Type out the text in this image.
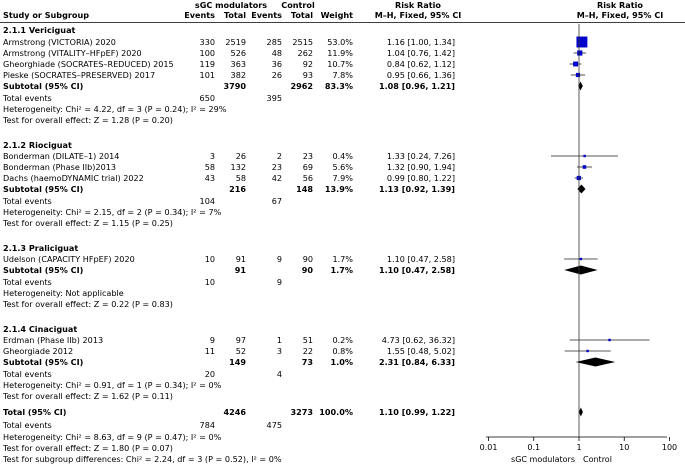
Study or Subgroup
sGC modulators Control
Events Total Events Total Weight
Risk Ratio
M–H, Fixed, 95% CI
Risk Ratio
M–H, Fixed, 95% CI
2.1.1 Vericiguat
Armstrong (VICTORIA) 2020	330 2519	285 2515 53.0%	1.16 [1.00, 1.34]
Armstrong (VITALITY–HFpEF) 2020	100 526	48 262 11.9%	1.04 [0.76, 1.42]
Gheorghiade (SOCRATES–REDUCED) 2015	119 363	36	92 10.7%	0.84 [0.62, 1.12]
Pieske (SOCRATES–PRESERVED) 2017	101 382	26	93 7.8%	0.95 [0.66, 1.36]
Subtotal (95% CI)	3790	2962 83.3%	1.08 [0.96, 1.21]
Total events	650	395
Heterogeneity: Chi² = 4.22, df = 3 (P = 0.24); I² = 29%
Test for overall effect: Z = 1.28 (P = 0.20)
2.1.2 Riociguat
Bonderman (DILATE–1) 2014	3	26	2	23 0.4%	1.33 [0.24, 7.26]
Bonderman (Phase IIb)2013	58 132	23	69 5.6%	1.32 [0.90, 1.94]
Dachs (haemoDYNAMIC trial) 2022	43	58	42	56 7.9%	0.99 [0.80, 1.22]
Subtotal (95% CI)	216	148 13.9%	1.13 [0.92, 1.39]
Total events	104	67
Heterogeneity: Chi² = 2.15, df = 2 (P = 0.34); I² = 7%
Test for overall effect: Z = 1.15 (P = 0.25)
2.1.3 Praliciguat
Udelson (CAPACITY HFpEF) 2020	10	91	9	90 1.7%	1.10 [0.47, 2.58]
Subtotal (95% CI)	91	90 1.7%	1.10 [0.47, 2.58]
Total events	10	9
Heterogeneity: Not applicable
Test for overall effect: Z = 0.22 (P = 0.83)
2.1.4 Cinaciguat
Erdman (Phase IIb) 2013	9	97	1	51 0.2%	4.73 [0.62, 36.32]
Gheorgiade 2012	11	52	3	22 0.8%	1.55 [0.48, 5.02]
Subtotal (95% CI)	149	73 1.0%	2.31 [0.84, 6.33]
Total events	20	4
Heterogeneity: Chi² = 0.91, df = 1 (P = 0.34); I² = 0%
Test for overall effect: Z = 1.62 (P = 0.11)
Total (95% CI)	4246	3273 100.0%	1.10 [0.99, 1.22]
Total events	784	475
Heterogeneity: Chi² = 8.63, df = 9 (P = 0.47); I² = 0%
Test for overall effect: Z = 1.80 (P = 0.07)
Test for subgroup differences: Chi² = 2.24, df = 3 (P = 0.52), I² = 0%
0.01	0.1	1	10	100
sGC modulators Control
